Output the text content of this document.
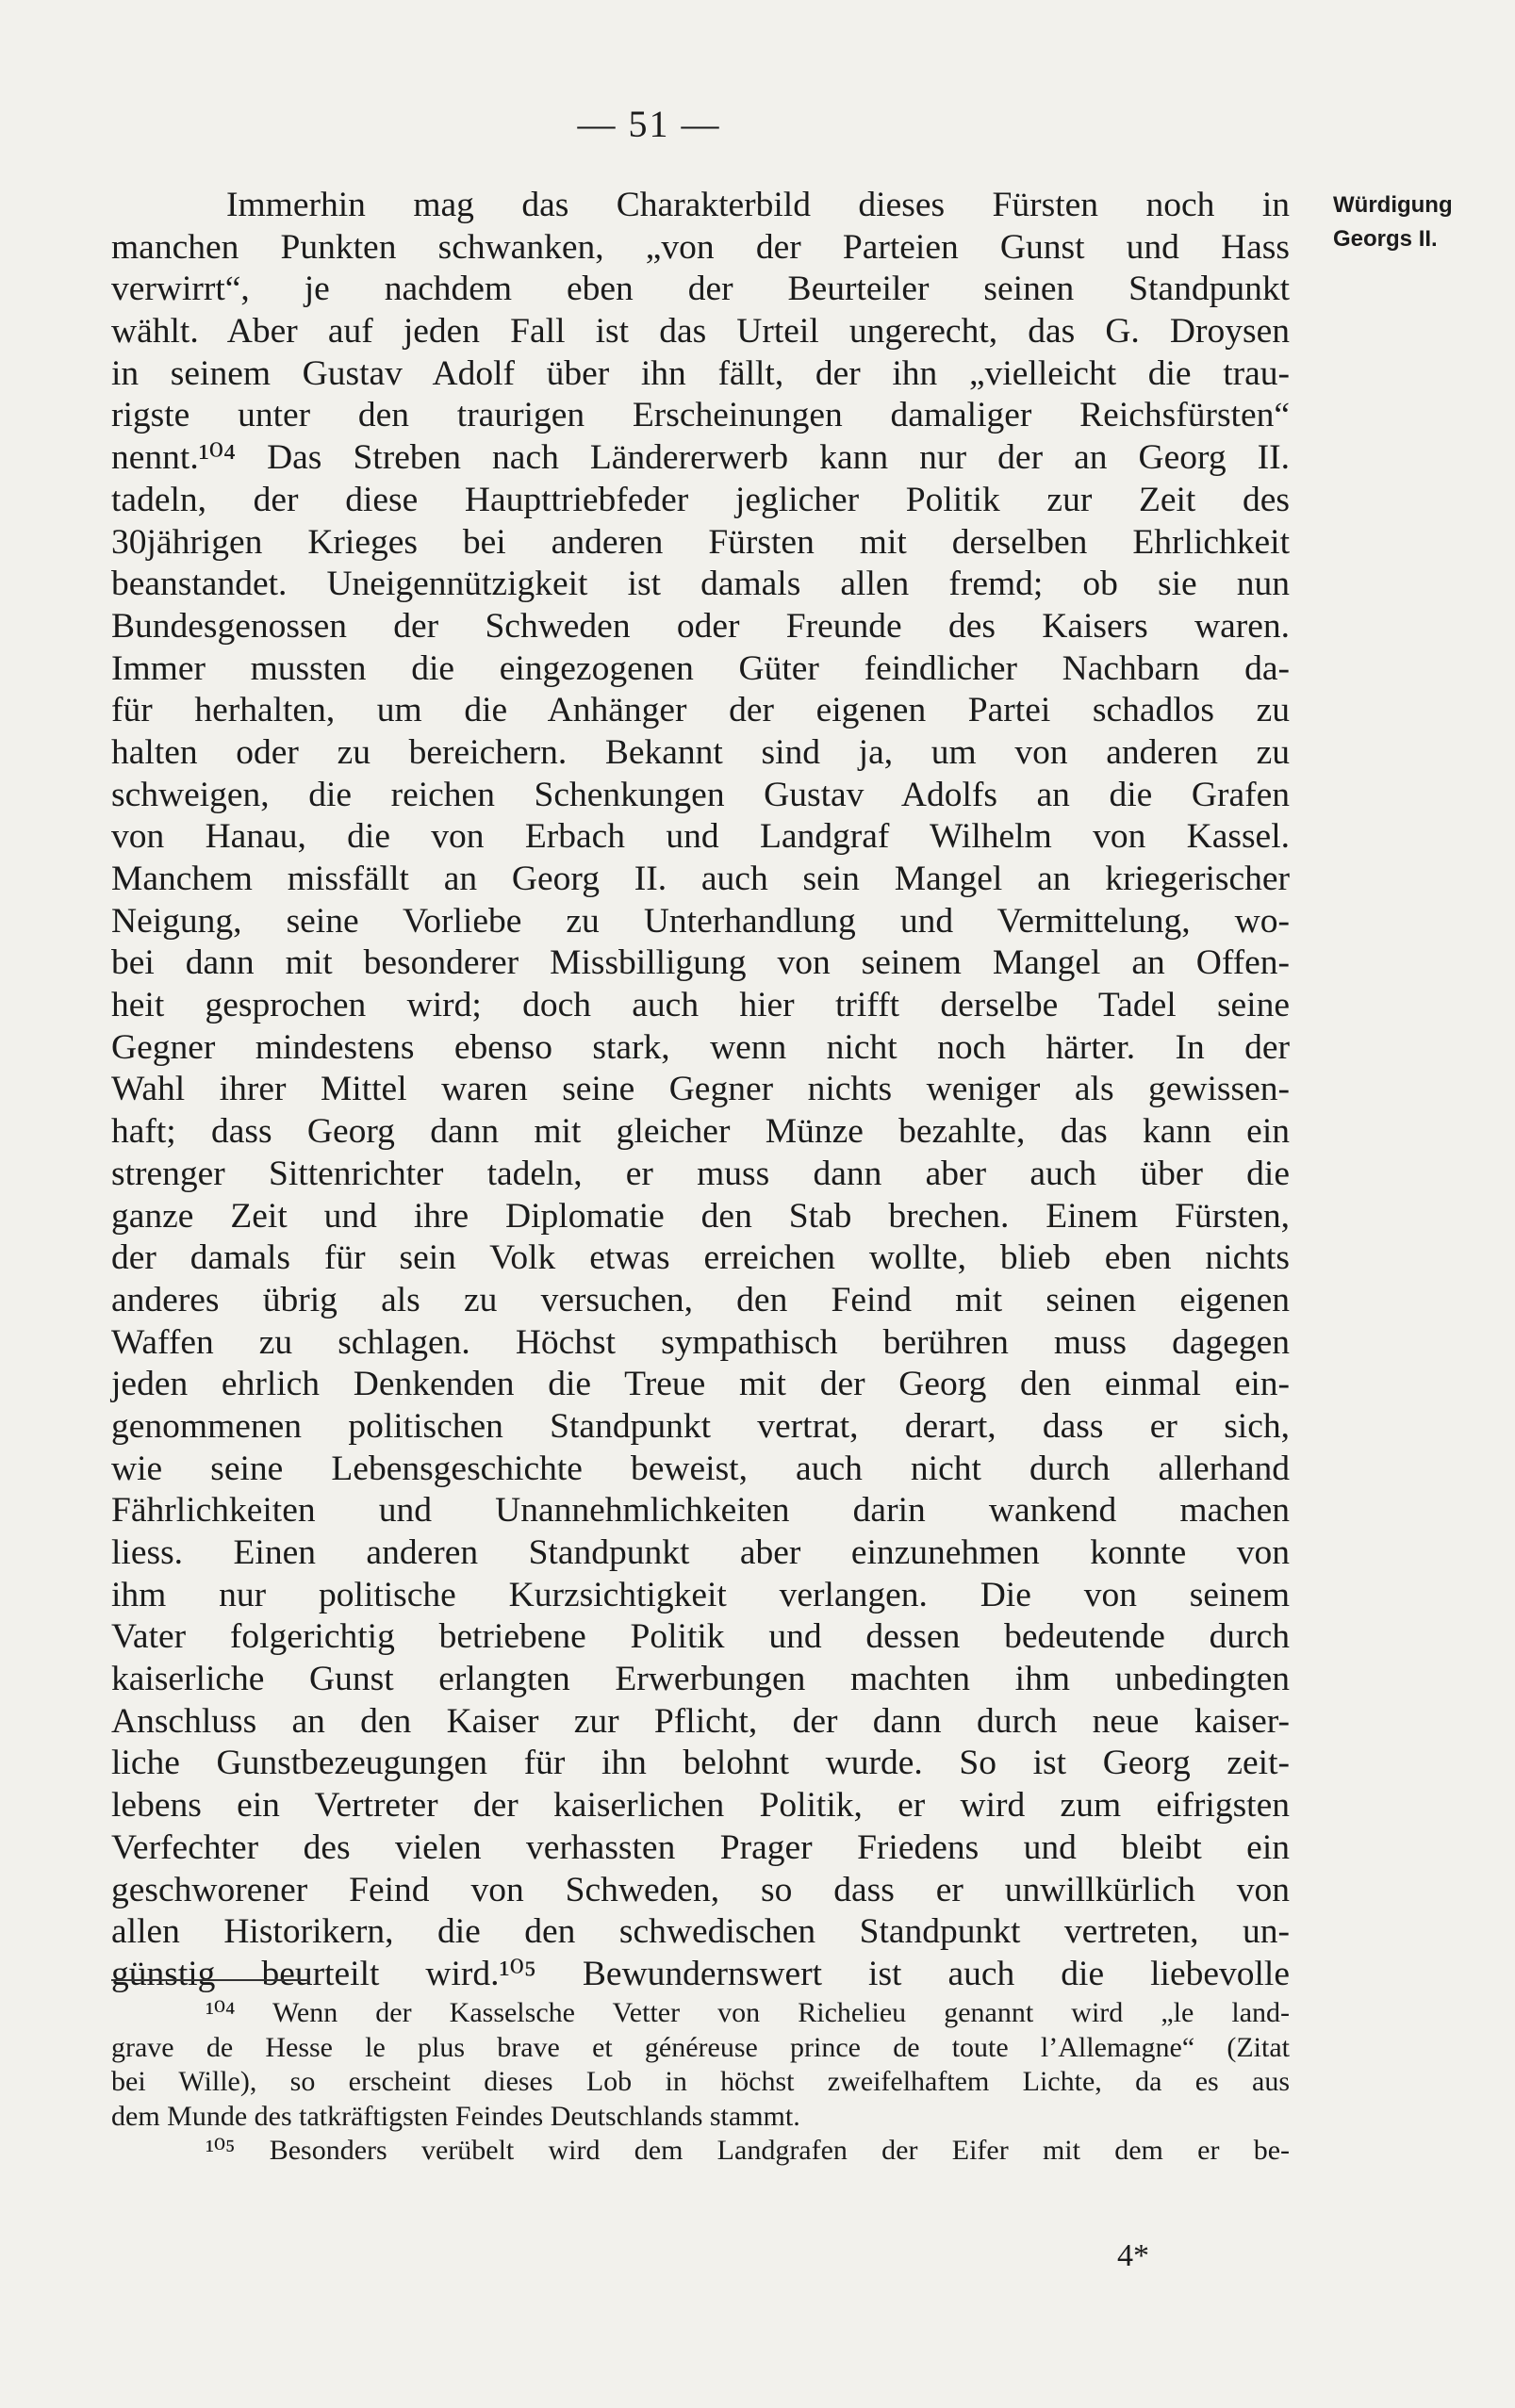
— 51 —
Würdigung
Georgs II.
Immerhin mag das Charakterbild dieses Fürsten noch in
manchen Punkten schwanken, „von der Parteien Gunst und Hass
verwirrt“, je nachdem eben der Beurteiler seinen Standpunkt
wählt. Aber auf jeden Fall ist das Urteil ungerecht, das G. Droysen
in seinem Gustav Adolf über ihn fällt, der ihn „vielleicht die trau-
rigste unter den traurigen Erscheinungen damaliger Reichsfürsten“
nennt.¹⁰⁴ Das Streben nach Ländererwerb kann nur der an Georg II.
tadeln, der diese Haupttriebfeder jeglicher Politik zur Zeit des
30jährigen Krieges bei anderen Fürsten mit derselben Ehrlichkeit
beanstandet. Uneigennützigkeit ist damals allen fremd; ob sie nun
Bundesgenossen der Schweden oder Freunde des Kaisers waren.
Immer mussten die eingezogenen Güter feindlicher Nachbarn da-
für herhalten, um die Anhänger der eigenen Partei schadlos zu
halten oder zu bereichern. Bekannt sind ja, um von anderen zu
schweigen, die reichen Schenkungen Gustav Adolfs an die Grafen
von Hanau, die von Erbach und Landgraf Wilhelm von Kassel.
Manchem missfällt an Georg II. auch sein Mangel an kriegerischer
Neigung, seine Vorliebe zu Unterhandlung und Vermittelung, wo-
bei dann mit besonderer Missbilligung von seinem Mangel an Offen-
heit gesprochen wird; doch auch hier trifft derselbe Tadel seine
Gegner mindestens ebenso stark, wenn nicht noch härter. In der
Wahl ihrer Mittel waren seine Gegner nichts weniger als gewissen-
haft; dass Georg dann mit gleicher Münze bezahlte, das kann ein
strenger Sittenrichter tadeln, er muss dann aber auch über die
ganze Zeit und ihre Diplomatie den Stab brechen. Einem Fürsten,
der damals für sein Volk etwas erreichen wollte, blieb eben nichts
anderes übrig als zu versuchen, den Feind mit seinen eigenen
Waffen zu schlagen. Höchst sympathisch berühren muss dagegen
jeden ehrlich Denkenden die Treue mit der Georg den einmal ein-
genommenen politischen Standpunkt vertrat, derart, dass er sich,
wie seine Lebensgeschichte beweist, auch nicht durch allerhand
Fährlichkeiten und Unannehmlichkeiten darin wankend machen
liess. Einen anderen Standpunkt aber einzunehmen konnte von
ihm nur politische Kurzsichtigkeit verlangen. Die von seinem
Vater folgerichtig betriebene Politik und dessen bedeutende durch
kaiserliche Gunst erlangten Erwerbungen machten ihm unbedingten
Anschluss an den Kaiser zur Pflicht, der dann durch neue kaiser-
liche Gunstbezeugungen für ihn belohnt wurde. So ist Georg zeit-
lebens ein Vertreter der kaiserlichen Politik, er wird zum eifrigsten
Verfechter des vielen verhassten Prager Friedens und bleibt ein
geschworener Feind von Schweden, so dass er unwillkürlich von
allen Historikern, die den schwedischen Standpunkt vertreten, un-
günstig beurteilt wird.¹⁰⁵ Bewundernswert ist auch die liebevolle
¹⁰⁴ Wenn der Kasselsche Vetter von Richelieu genannt wird „le land-
grave de Hesse le plus brave et généreuse prince de toute l’Allemagne“ (Zitat
bei Wille), so erscheint dieses Lob in höchst zweifelhaftem Lichte, da es aus
dem Munde des tatkräftigsten Feindes Deutschlands stammt.
¹⁰⁵ Besonders verübelt wird dem Landgrafen der Eifer mit dem er be-
4*
